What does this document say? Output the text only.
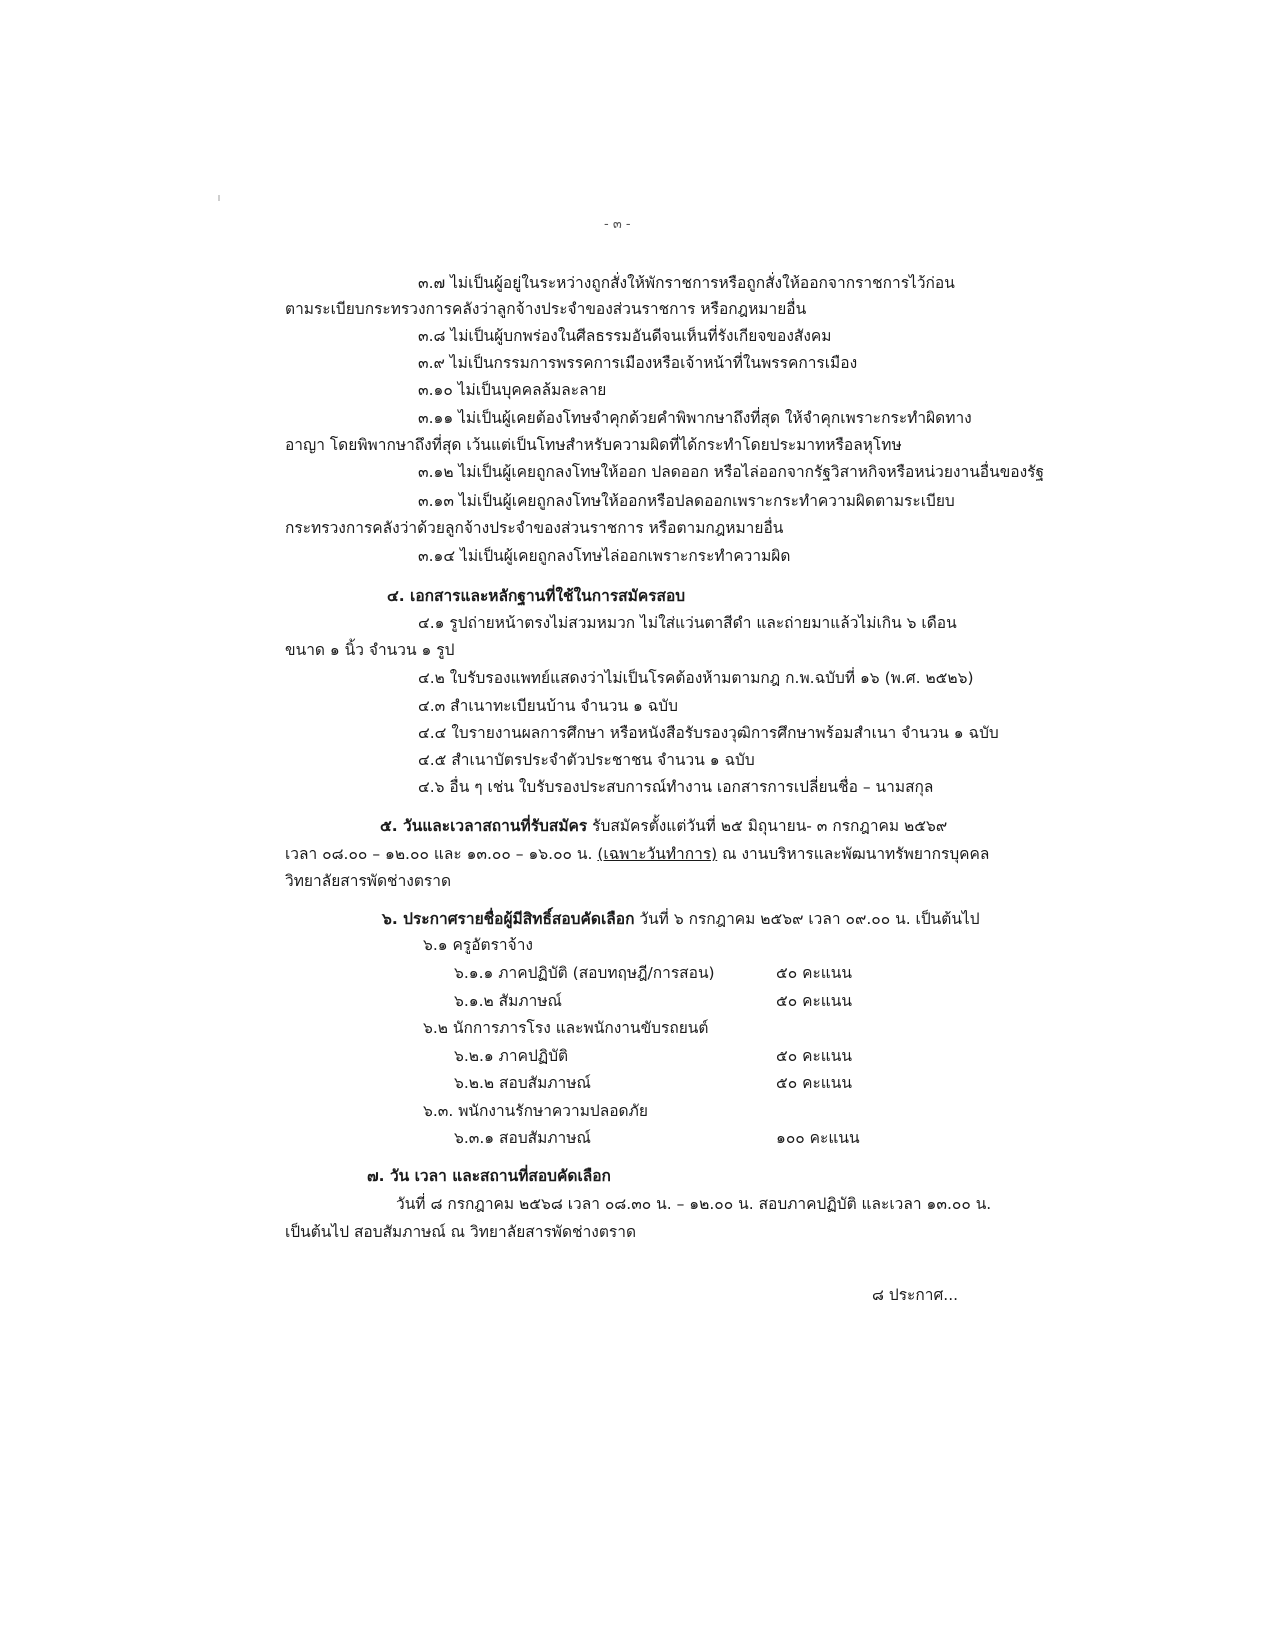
- ๓ -
๓.๗ ไม่เป็นผู้อยู่ในระหว่างถูกสั่งให้พักราชการหรือถูกสั่งให้ออกจากราชการไว้ก่อน
ตามระเบียบกระทรวงการคลังว่าลูกจ้างประจำของส่วนราชการ หรือกฎหมายอื่น
๓.๘ ไม่เป็นผู้บกพร่องในศีลธรรมอันดีจนเห็นที่รังเกียจของสังคม
๓.๙ ไม่เป็นกรรมการพรรคการเมืองหรือเจ้าหน้าที่ในพรรคการเมือง
๓.๑๐ ไม่เป็นบุคคลล้มละลาย
๓.๑๑ ไม่เป็นผู้เคยต้องโทษจำคุกด้วยคำพิพากษาถึงที่สุด ให้จำคุกเพราะกระทำผิดทาง
อาญา โดยพิพากษาถึงที่สุด เว้นแต่เป็นโทษสำหรับความผิดที่ได้กระทำโดยประมาทหรือลหุโทษ
๓.๑๒ ไม่เป็นผู้เคยถูกลงโทษให้ออก ปลดออก หรือไล่ออกจากรัฐวิสาหกิจหรือหน่วยงานอื่นของรัฐ
๓.๑๓ ไม่เป็นผู้เคยถูกลงโทษให้ออกหรือปลดออกเพราะกระทำความผิดตามระเบียบ
กระทรวงการคลังว่าด้วยลูกจ้างประจำของส่วนราชการ หรือตามกฎหมายอื่น
๓.๑๔ ไม่เป็นผู้เคยถูกลงโทษไล่ออกเพราะกระทำความผิด
๔. เอกสารและหลักฐานที่ใช้ในการสมัครสอบ
๔.๑ รูปถ่ายหน้าตรงไม่สวมหมวก ไม่ใส่แว่นตาสีดำ และถ่ายมาแล้วไม่เกิน ๖ เดือน
ขนาด ๑ นิ้ว จำนวน ๑ รูป
๔.๒ ใบรับรองแพทย์แสดงว่าไม่เป็นโรคต้องห้ามตามกฎ ก.พ.ฉบับที่ ๑๖ (พ.ศ. ๒๕๒๖)
๔.๓ สำเนาทะเบียนบ้าน จำนวน ๑ ฉบับ
๔.๔ ใบรายงานผลการศึกษา หรือหนังสือรับรองวุฒิการศึกษาพร้อมสำเนา จำนวน ๑ ฉบับ
๔.๕ สำเนาบัตรประจำตัวประชาชน จำนวน ๑ ฉบับ
๔.๖ อื่น ๆ เช่น ใบรับรองประสบการณ์ทำงาน เอกสารการเปลี่ยนชื่อ – นามสกุล
๕. วันและเวลาสถานที่รับสมัคร รับสมัครตั้งแต่วันที่ ๒๕ มิถุนายน- ๓ กรกฎาคม ๒๕๖๙
เวลา ๐๘.๐๐ – ๑๒.๐๐ และ ๑๓.๐๐ – ๑๖.๐๐ น. (เฉพาะวันทำการ) ณ งานบริหารและพัฒนาทรัพยากรบุคคล
วิทยาลัยสารพัดช่างตราด
๖. ประกาศรายชื่อผู้มีสิทธิ์สอบคัดเลือก วันที่ ๖ กรกฎาคม ๒๕๖๙ เวลา ๐๙.๐๐ น. เป็นต้นไป
๖.๑ ครูอัตราจ้าง
๖.๑.๑ ภาคปฏิบัติ (สอบทฤษฎี/การสอน)	๕๐ คะแนน
๖.๑.๒ สัมภาษณ์	๕๐ คะแนน
๖.๒ นักการภารโรง และพนักงานขับรถยนต์
๖.๒.๑ ภาคปฏิบัติ	๕๐ คะแนน
๖.๒.๒ สอบสัมภาษณ์	๕๐ คะแนน
๖.๓. พนักงานรักษาความปลอดภัย
๖.๓.๑ สอบสัมภาษณ์	๑๐๐ คะแนน
๗. วัน เวลา และสถานที่สอบคัดเลือก
วันที่ ๘ กรกฎาคม ๒๕๖๘ เวลา ๐๘.๓๐ น. – ๑๒.๐๐ น. สอบภาคปฏิบัติ และเวลา ๑๓.๐๐ น.
เป็นต้นไป สอบสัมภาษณ์ ณ วิทยาลัยสารพัดช่างตราด
๘ ประกาศ...
